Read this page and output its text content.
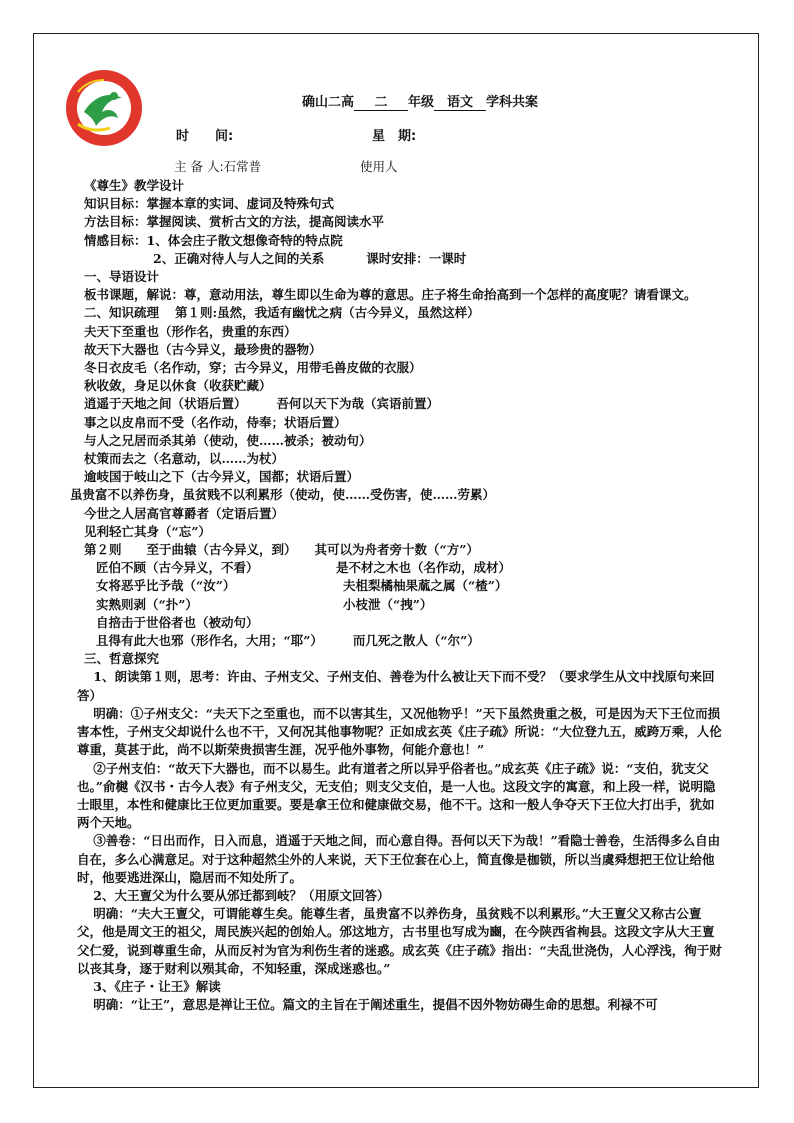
确山二高 二 年级 语文 学科共案
时　　间:	星　期:
主 备 人:石常普	使用人
《尊生》教学设计
知识目标：掌握本章的实词、虚词及特殊句式
方法目标：掌握阅读、赏析古文的方法，提高阅读水平
情感目标：1、体会庄子散文想像奇特的特点院
2、正确对待人与人之间的关系	课时安排：一课时
一、导语设计
板书课题，解说：尊，意动用法，尊生即以生命为尊的意思。庄子将生命抬高到一个怎样的高度呢？请看课文。
二、知识疏理 第１则:虽然，我适有幽忧之病（古今异义，虽然这样）
夫天下至重也（形作名，贵重的东西）
故天下大器也（古今异义，最珍贵的器物）
冬日衣皮毛（名作动，穿；古今异义，用带毛兽皮做的衣服）
秋收敛，身足以休食（收获贮藏）
逍遥于天地之间（状语后置） 吾何以天下为哉（宾语前置）
事之以皮帛而不受（名作动，侍奉；状语后置）
与人之兄居而杀其弟（使动，使……被杀；被动句）
杖策而去之（名意动，以……为杖）
逾岐国于岐山之下（古今异义，国都；状语后置）
虽贵富不以养伤身，虽贫贱不以利累形（使动，使……受伤害，使……劳累）
今世之人居高官尊爵者（定语后置）
见利轻亡其身（“忘”）
第２则　　至于曲辕（古今异义，到） 其可以为舟者旁十数（“方”）
匠伯不顾（古今异义，不看）	是不材之木也（名作动，成材）
女将恶乎比予哉（“汝”）	夫柤梨橘柚果蓏之属（“楂”）
实熟则剥（“扑”）	小枝泄（“拽”）
自掊击于世俗者也（被动句）
且得有此大也邪（形作名，大用；“耶”） 而几死之散人（“尔”）
三、哲意探究
1、朗读第１则，思考：许由、子州支父、子州支伯、善卷为什么被让天下而不受？（要求学生从文中找原句来回答）
明确：①子州支父：“夫天下之至重也，而不以害其生，又况他物乎！”天下虽然贵重之极，可是因为天下王位而损害本性，子州支父却说什么也不干，又何况其他事物呢？正如成玄英《庄子疏》所说：“大位登九五，威跨万乘，人伦尊重，莫甚于此，尚不以斯荣贵损害生涯，况乎他外事物，何能介意也！”
②子州支伯：“故天下大器也，而不以易生。此有道者之所以异乎俗者也。”成玄英《庄子疏》说：“支伯，犹支父也。”俞樾《汉书・古今人表》有子州支父，无支伯；则支父支伯，是一人也。这段文字的寓意，和上段一样，说明隐士眼里，本性和健康比王位更加重要。要是拿王位和健康做交易，他不干。这和一般人争夺天下王位大打出手，犹如两个天地。
③善卷：“日出而作，日入而息，逍遥于天地之间，而心意自得。吾何以天下为哉！”看隐士善卷，生活得多么自由自在，多么心满意足。对于这种超然尘外的人来说，天下王位套在心上，简直像是枷锁，所以当虞舜想把王位让给他时，他要逃进深山，隐居而不知处所了。
2、大王亶父为什么要从邠迁都到岐？（用原文回答）
明确：“夫大王亶父，可谓能尊生矣。能尊生者，虽贵富不以养伤身，虽贫贱不以利累形。”大王亶父又称古公亶父，他是周文王的祖父，周民族兴起的创始人。邠这地方，古书里也写成为豳，在今陕西省栒县。这段文字从大王亶父仁爱，说到尊重生命，从而反衬为官为利伤生者的迷惑。成玄英《庄子疏》指出：“夫乱世浇伪，人心浮浅，徇于财以丧其身，逐于财利以殒其命，不知轻重，深成迷惑也。”
3、《庄子・让王》解读
明确：“让王”，意思是禅让王位。篇文的主旨在于阐述重生，提倡不因外物妨碍生命的思想。利禄不可
